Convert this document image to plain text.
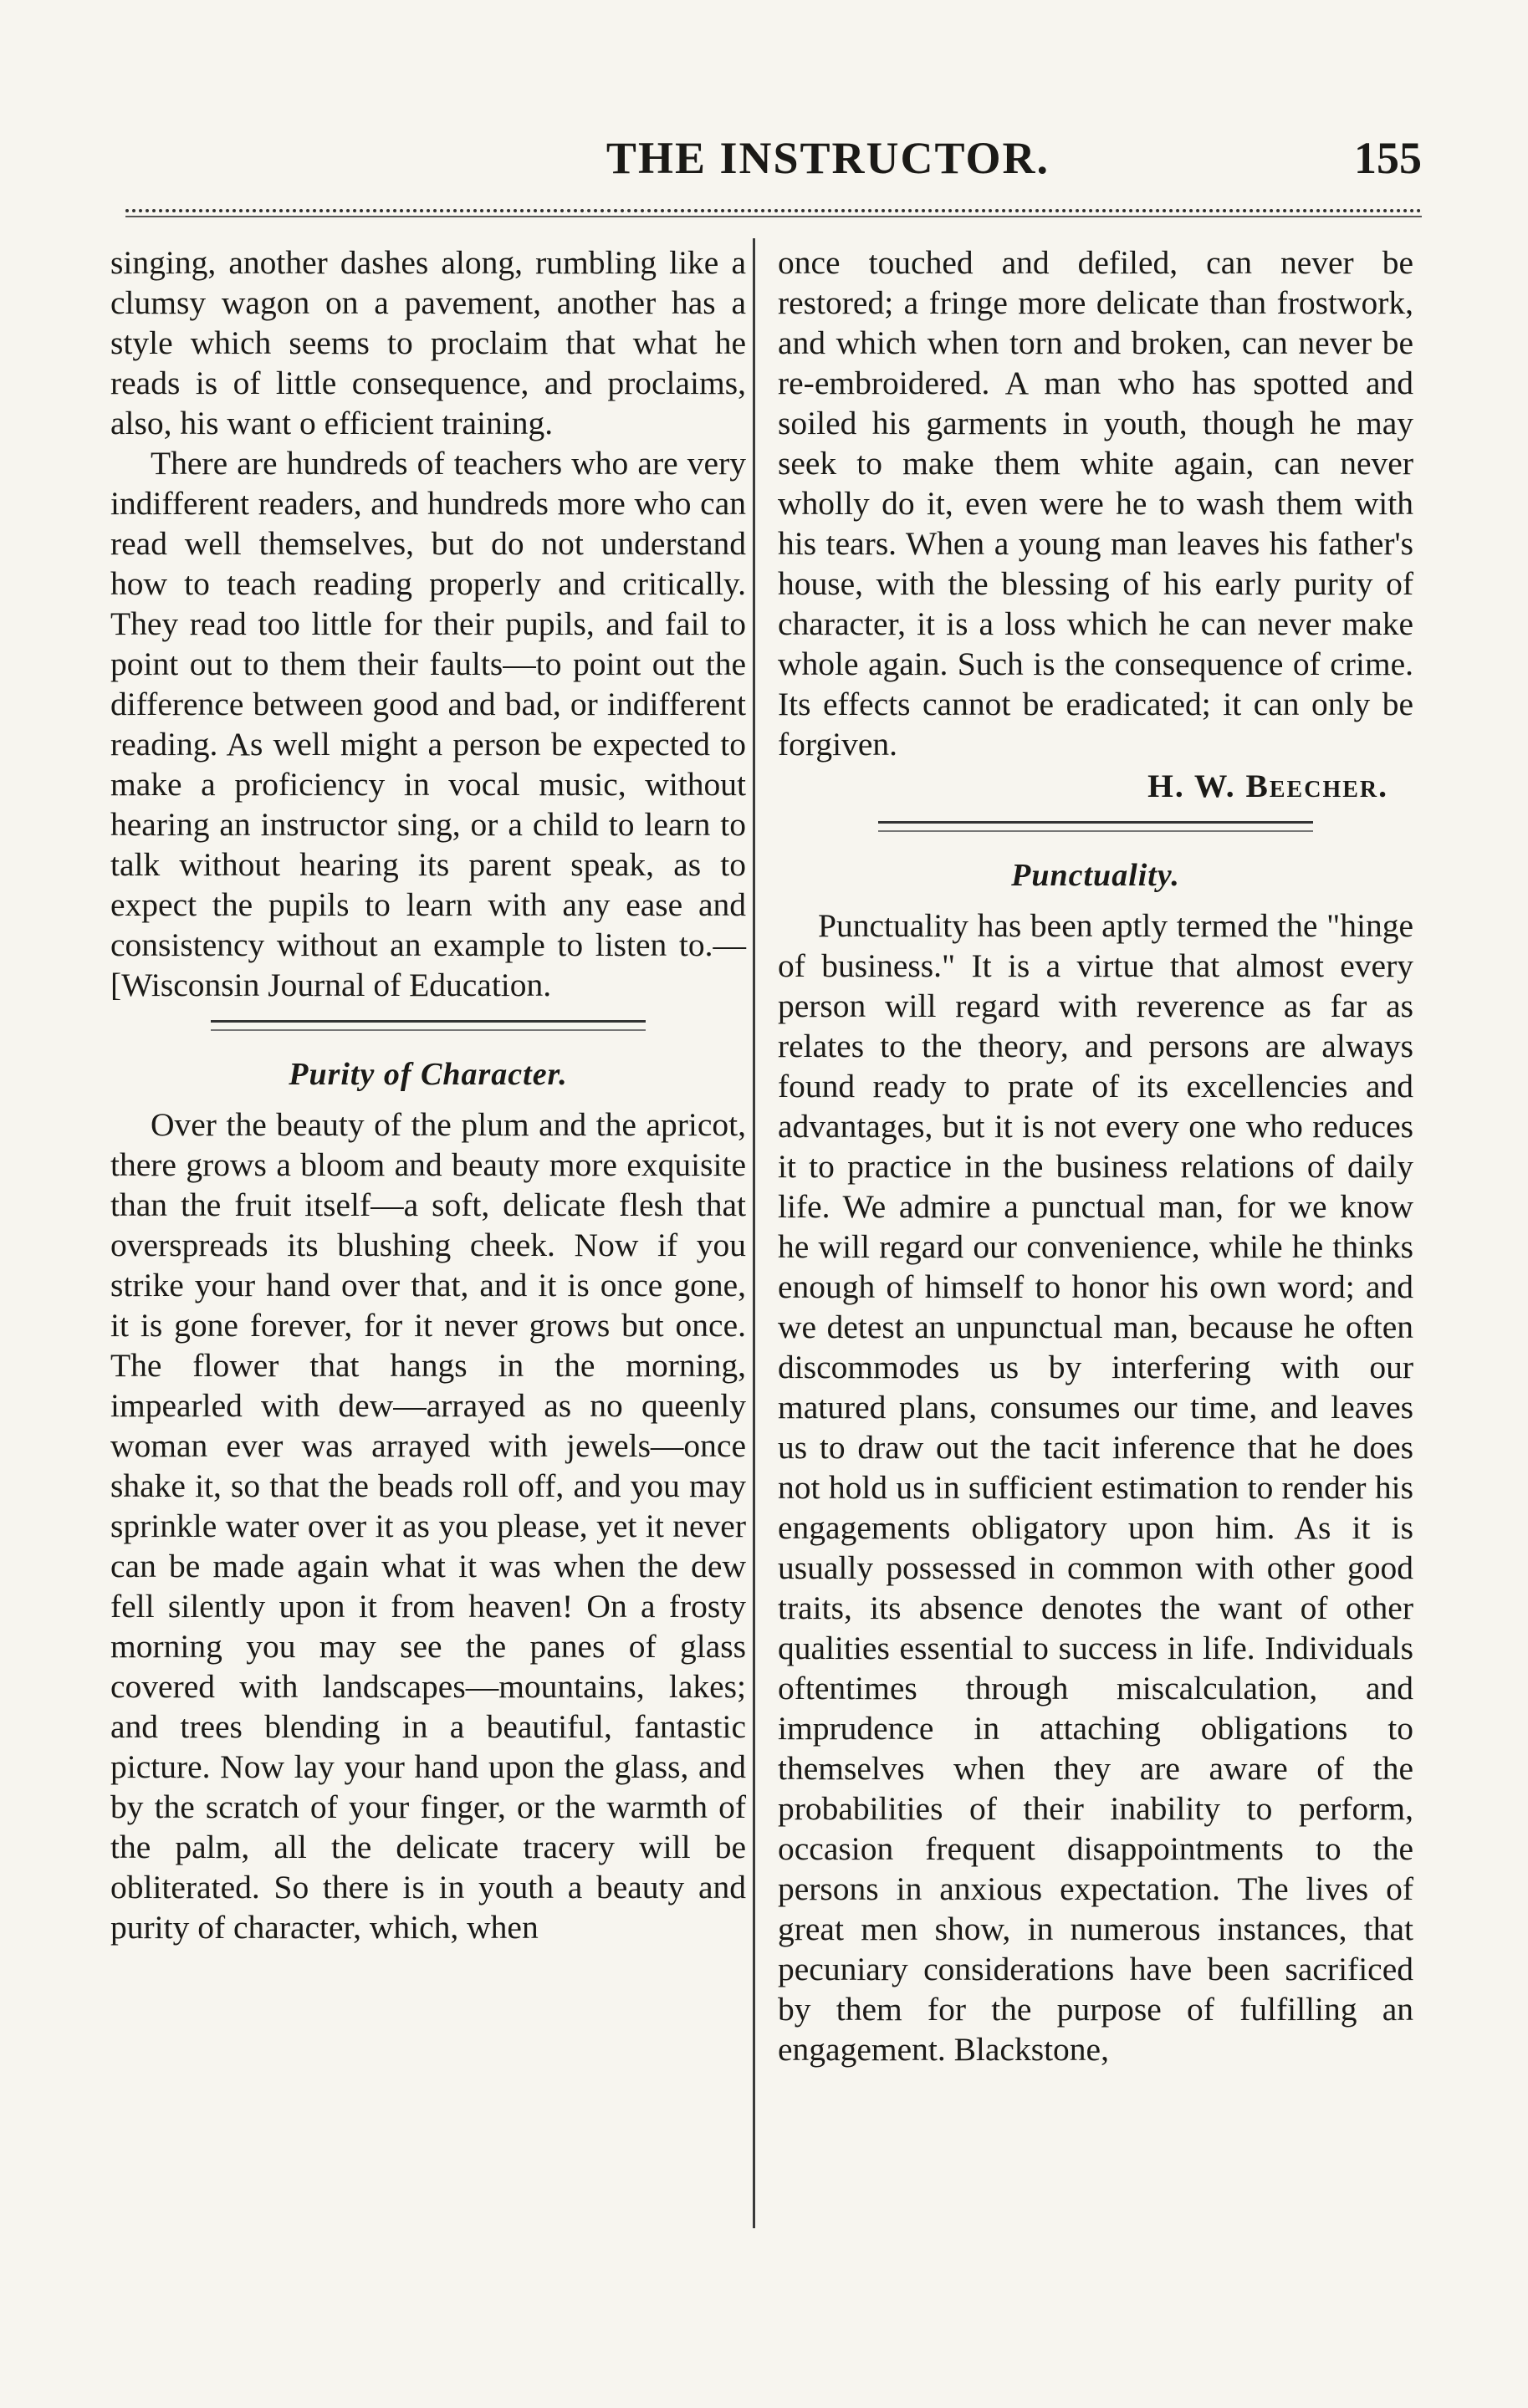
THE INSTRUCTOR.	155

singing, another dashes along, rumbling like a clumsy wagon on a pavement, another has a style which seems to proclaim that what he reads is of little consequence, and proclaims, also, his want o efficient training.

There are hundreds of teachers who are very indifferent readers, and hundreds more who can read well themselves, but do not understand how to teach reading properly and critically. They read too little for their pupils, and fail to point out to them their faults—to point out the difference between good and bad, or indifferent reading. As well might a person be expected to make a proficiency in vocal music, without hearing an instructor sing, or a child to learn to talk without hearing its parent speak, as to expect the pupils to learn with any ease and consistency without an example to listen to.—[Wisconsin Journal of Education.

Purity of Character.

Over the beauty of the plum and the apricot, there grows a bloom and beauty more exquisite than the fruit itself—a soft, delicate flesh that overspreads its blushing cheek. Now if you strike your hand over that, and it is once gone, it is gone forever, for it never grows but once. The flower that hangs in the morning, impearled with dew—arrayed as no queenly woman ever was arrayed with jewels—once shake it, so that the beads roll off, and you may sprinkle water over it as you please, yet it never can be made again what it was when the dew fell silently upon it from heaven! On a frosty morning you may see the panes of glass covered with landscapes—mountains, lakes; and trees blending in a beautiful, fantastic picture. Now lay your hand upon the glass, and by the scratch of your finger, or the warmth of the palm, all the delicate tracery will be obliterated. So there is in youth a beauty and purity of character, which, when

once touched and defiled, can never be restored; a fringe more delicate than frostwork, and which when torn and broken, can never be re-embroidered. A man who has spotted and soiled his garments in youth, though he may seek to make them white again, can never wholly do it, even were he to wash them with his tears. When a young man leaves his father's house, with the blessing of his early purity of character, it is a loss which he can never make whole again. Such is the consequence of crime. Its effects cannot be eradicated; it can only be forgiven.

H. W. Beecher.
Punctuality.

Punctuality has been aptly termed the "hinge of business." It is a virtue that almost every person will regard with reverence as far as relates to the theory, and persons are always found ready to prate of its excellencies and advantages, but it is not every one who reduces it to practice in the business relations of daily life. We admire a punctual man, for we know he will regard our convenience, while he thinks enough of himself to honor his own word; and we detest an unpunctual man, because he often discommodes us by interfering with our matured plans, consumes our time, and leaves us to draw out the tacit inference that he does not hold us in sufficient estimation to render his engagements obligatory upon him. As it is usually possessed in common with other good traits, its absence denotes the want of other qualities essential to success in life. Individuals oftentimes through miscalculation, and imprudence in attaching obligations to themselves when they are aware of the probabilities of their inability to perform, occasion frequent disappointments to the persons in anxious expectation. The lives of great men show, in numerous instances, that pecuniary considerations have been sacrificed by them for the purpose of fulfilling an engagement. Blackstone,
